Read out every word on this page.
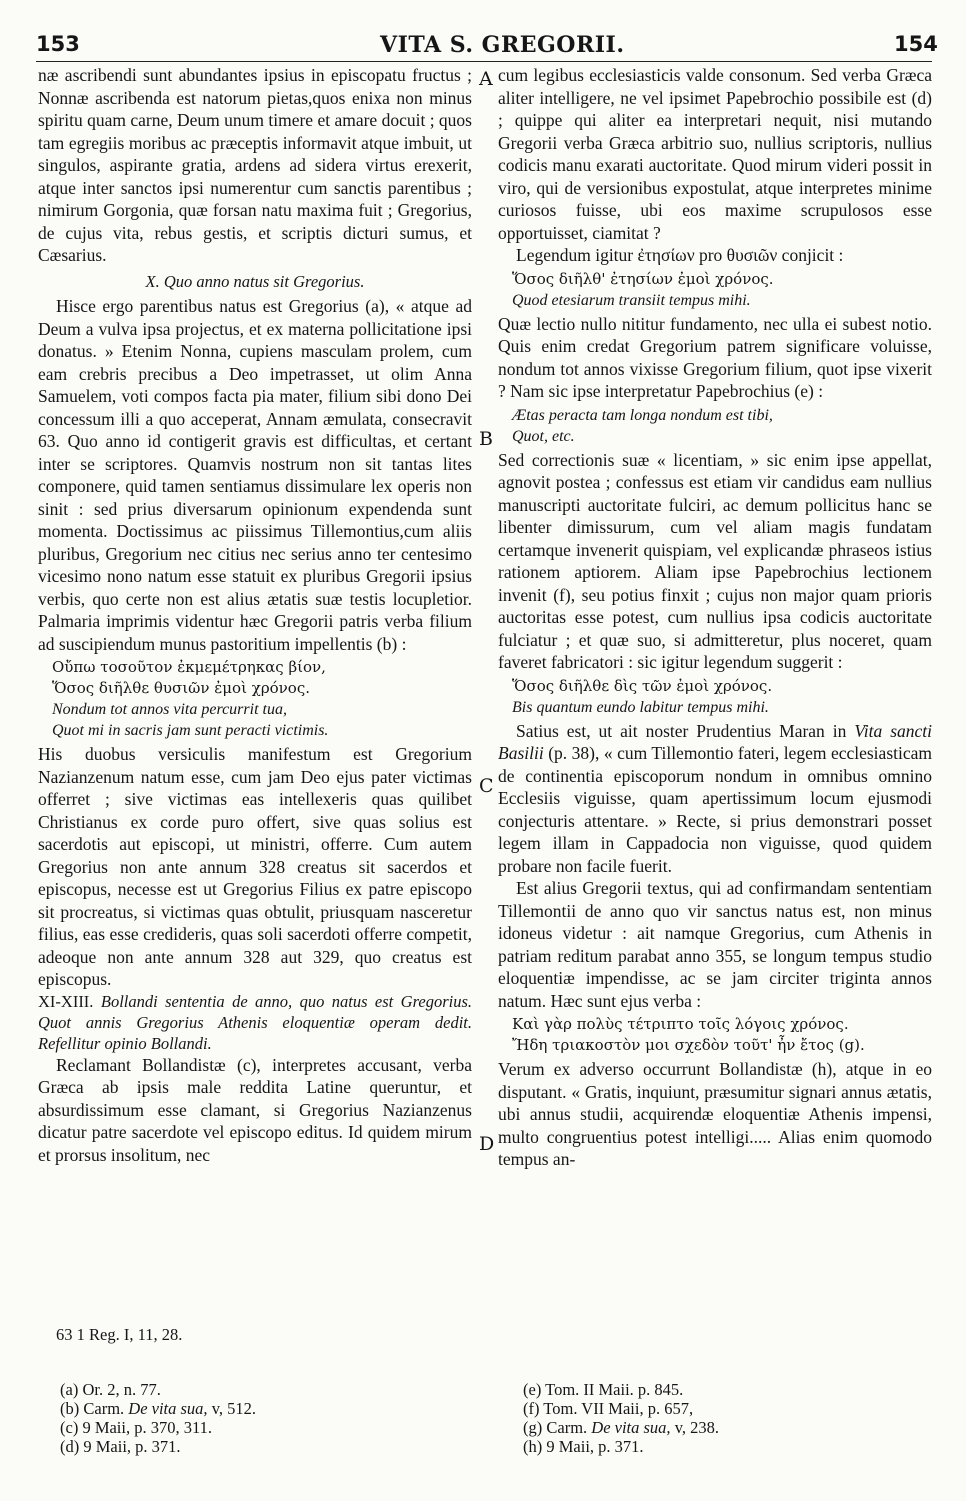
153	VITA S. GREGORII.	154
A
B
C
D

næ ascribendi sunt abundantes ipsius in episcopatu fructus ; Nonnæ ascribenda est natorum pietas,quos enixa non minus spiritu quam carne, Deum unum timere et amare docuit ; quos tam egregiis moribus ac præceptis informavit atque imbuit, ut singulos, aspirante gratia, ardens ad sidera virtus erexerit, atque inter sanctos ipsi numerentur cum sanctis parentibus ; nimirum Gorgonia, quæ forsan natu maxima fuit ; Gregorius, de cujus vita, rebus gestis, et scriptis dicturi sumus, et Cæsarius.

X. Quo anno natus sit Gregorius.

Hisce ergo parentibus natus est Gregorius (a), « atque ad Deum a vulva ipsa projectus, et ex materna pollicitatione ipsi donatus. » Etenim Nonna, cupiens masculam prolem, cum eam crebris precibus a Deo impetrasset, ut olim Anna Samuelem, voti compos facta pia mater, filium sibi dono Dei concessum illi a quo acceperat, Annam æmulata, consecravit 63. Quo anno id contigerit gravis est difficultas, et certant inter se scriptores. Quamvis nostrum non sit tantas lites componere, quid tamen sentiamus dissimulare lex operis non sinit : sed prius diversarum opinionum expendenda sunt momenta. Doctissimus ac piissimus Tillemontius,cum aliis pluribus, Gregorium nec citius nec serius anno ter centesimo vicesimo nono natum esse statuit ex pluribus Gregorii ipsius verbis, quo certe non est alius ætatis suæ testis locupletior. Palmaria imprimis videntur hæc Gregorii patris verba filium ad suscipiendum munus pastoritium impellentis (b) :

Οὔπω τοσοῦτον ἐκμεμέτρηκας βίον,
Ὅσος διῆλθε θυσιῶν ἐμοὶ χρόνος.
Nondum tot annos vita percurrit tua,
Quot mi in sacris jam sunt peracti victimis.

His duobus versiculis manifestum est Gregorium Nazianzenum natum esse, cum jam Deo ejus pater victimas offerret ; sive victimas eas intellexeris quas quilibet Christianus ex corde puro offert, sive quas solius est sacerdotis aut episcopi, ut ministri, offerre. Cum autem Gregorius non ante annum 328 creatus sit sacerdos et episcopus, necesse est ut Gregorius Filius ex patre episcopo sit procreatus, si victimas quas obtulit, priusquam nasceretur filius, eas esse credideris, quas soli sacerdoti offerre competit, adeoque non ante annum 328 aut 329, quo creatus est episcopus.

XI-XIII. Bollandi sententia de anno, quo natus est Gregorius. Quot annis Gregorius Athenis eloquentiæ operam dedit. Refellitur opinio Bollandi.

Reclamant Bollandistæ (c), interpretes accusant, verba Græca ab ipsis male reddita Latine queruntur, et absurdissimum esse clamant, si Gregorius Nazianzenus dicatur patre sacerdote vel episcopo editus. Id quidem mirum et prorsus insolitum, nec

cum legibus ecclesiasticis valde consonum. Sed verba Græca aliter intelligere, ne vel ipsimet Papebrochio possibile est (d) ; quippe qui aliter ea interpretari nequit, nisi mutando Gregorii verba Græca arbitrio suo, nullius scriptoris, nullius codicis manu exarati auctoritate. Quod mirum videri possit in viro, qui de versionibus expostulat, atque interpretes minime curiosos fuisse, ubi eos maxime scrupulosos esse opportuisset, ciamitat ?

Legendum igitur ἐτησίων pro θυσιῶν conjicit :

Ὅσος διῆλθ' ἐτησίων ἐμοὶ χρόνος.
Quod etesiarum transiit tempus mihi.

Quæ lectio nullo nititur fundamento, nec ulla ei subest notio. Quis enim credat Gregorium patrem significare voluisse, nondum tot annos vixisse Gregorium filium, quot ipse vixerit ? Nam sic ipse interpretatur Papebrochius (e) :

Ætas peracta tam longa nondum est tibi,
Quot, etc.

Sed correctionis suæ « licentiam, » sic enim ipse appellat, agnovit postea ; confessus est etiam vir candidus eam nullius manuscripti auctoritate fulciri, ac demum pollicitus hanc se libenter dimissurum, cum vel aliam magis fundatam certamque invenerit quispiam, vel explicandæ phraseos istius rationem aptiorem. Aliam ipse Papebrochius lectionem invenit (f), seu potius finxit ; cujus non major quam prioris auctoritas esse potest, cum nullius ipsa codicis auctoritate fulciatur ; et quæ suo, si admitteretur, plus noceret, quam faveret fabricatori : sic igitur legendum suggerit :

Ὅσος διῆλθε δὶς τῶν ἐμοὶ χρόνος.
Bis quantum eundo labitur tempus mihi.

Satius est, ut ait noster Prudentius Maran in Vita sancti Basilii (p. 38), « cum Tillemontio fateri, legem ecclesiasticam de continentia episcoporum nondum in omnibus omnino Ecclesiis viguisse, quam apertissimum locum ejusmodi conjecturis attentare. » Recte, si prius demonstrari posset legem illam in Cappadocia non viguisse, quod quidem probare non facile fuerit.

Est alius Gregorii textus, qui ad confirmandam sententiam Tillemontii de anno quo vir sanctus natus est, non minus idoneus videtur : ait namque Gregorius, cum Athenis in patriam reditum parabat anno 355, se longum tempus studio eloquentiæ impendisse, ac se jam circiter triginta annos natum. Hæc sunt ejus verba :

Καὶ γὰρ πολὺς τέτριπτο τοῖς λόγοις χρόνος.
Ἤδη τριακοστὸν μοι σχεδὸν τοῦτ' ἦν ἔτος (g).

Verum ex adverso occurrunt Bollandistæ (h), atque in eo disputant. « Gratis, inquiunt, præsumitur signari annus ætatis, ubi annus studii, acquirendæ eloquentiæ Athenis impensi, multo congruentius potest intelligi..... Alias enim quomodo tempus an-

63 1 Reg. I, 11, 28.
(a) Or. 2, n. 77.
(b) Carm. De vita sua, v, 512.
(c) 9 Maii, p. 370, 311.
(d) 9 Maii, p. 371.
(e) Tom. II Maii. p. 845.
(f) Tom. VII Maii, p. 657,
(g) Carm. De vita sua, v, 238.
(h) 9 Maii, p. 371.
